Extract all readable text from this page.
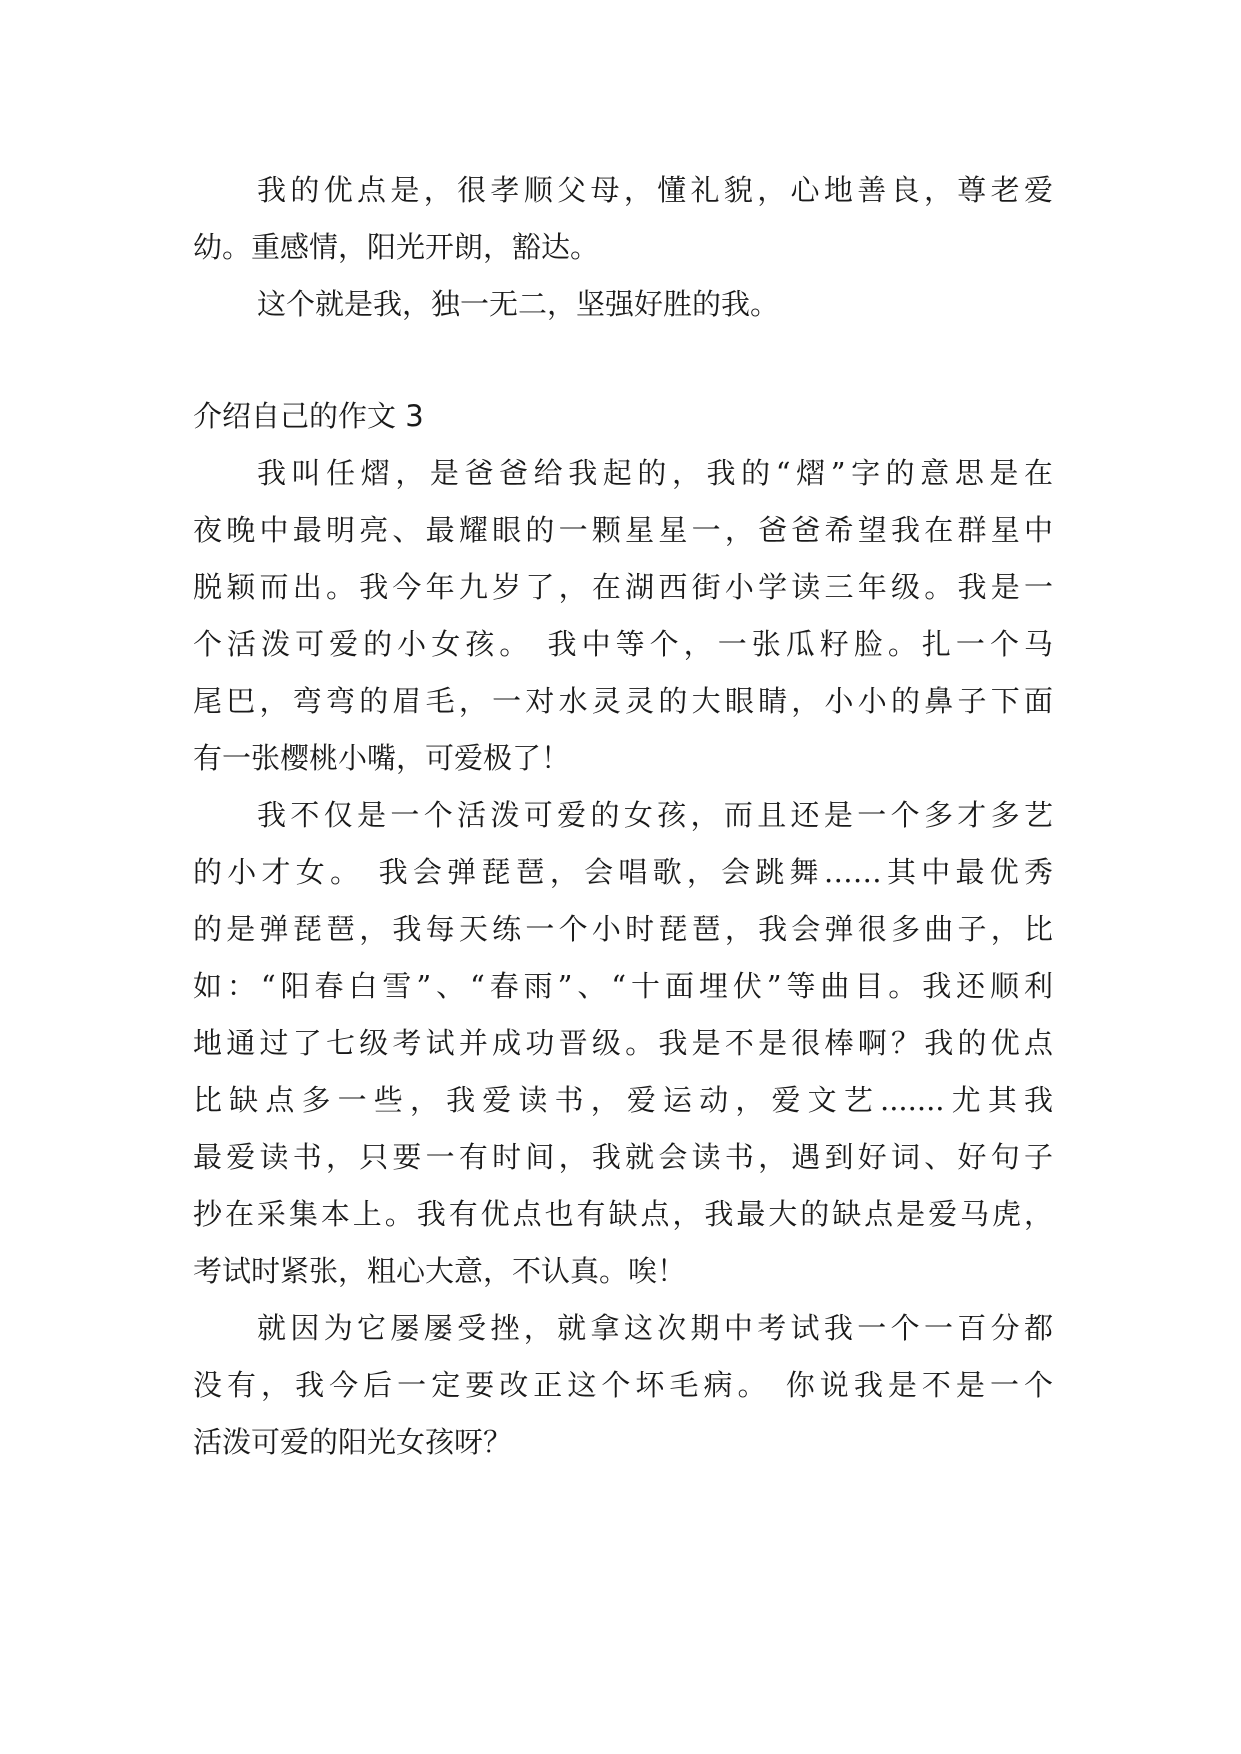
我的优点是，很孝顺父母，懂礼貌，心地善良，尊老爱
幼。重感情，阳光开朗，豁达。
这个就是我，独一无二，坚强好胜的我。
介绍自己的作文 3
我叫任熠，是爸爸给我起的，我的“熠”字的意思是在
夜晚中最明亮、最耀眼的一颗星星一，爸爸希望我在群星中
脱颖而出。我今年九岁了，在湖西街小学读三年级。我是一
个活泼可爱的小女孩。 我中等个，一张瓜籽脸。扎一个马
尾巴，弯弯的眉毛，一对水灵灵的大眼睛，小小的鼻子下面
有一张樱桃小嘴，可爱极了！
我不仅是一个活泼可爱的女孩，而且还是一个多才多艺
的小才女。 我会弹琵琶，会唱歌，会跳舞……其中最优秀
的是弹琵琶，我每天练一个小时琵琶，我会弹很多曲子，比
如：“阳春白雪”、“春雨”、“十面埋伏”等曲目。我还顺利
地通过了七级考试并成功晋级。我是不是很棒啊？我的优点
比缺点多一些，我爱读书，爱运动，爱文艺.......尤其我
最爱读书，只要一有时间，我就会读书，遇到好词、好句子
抄在采集本上。我有优点也有缺点，我最大的缺点是爱马虎，
考试时紧张，粗心大意，不认真。唉！
就因为它屡屡受挫，就拿这次期中考试我一个一百分都
没有，我今后一定要改正这个坏毛病。 你说我是不是一个
活泼可爱的阳光女孩呀？
